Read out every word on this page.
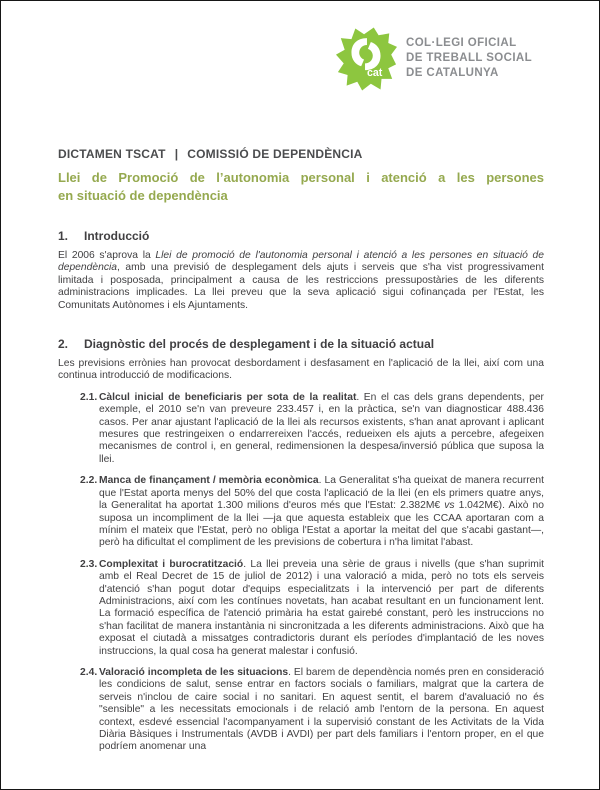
cat
COL·LEGI OFICIAL
DE TREBALL SOCIAL
DE CATALUNYA
DICTAMEN TSCAT | COMISSIÓ DE DEPENDÈNCIA
Llei de Promoció de l’autonomia personal i atenció a les persones
en situació de dependència
1.	Introducció

El 2006 s'aprova la Llei de promoció de l'autonomia personal i atenció a les persones en situació de dependència, amb una previsió de desplegament dels ajuts i serveis que s'ha vist progressivament limitada i posposada, principalment a causa de les restriccions pressupostàries de les diferents administracions implicades. La llei preveu que la seva aplicació sigui cofinançada per l'Estat, les Comunitats Autònomes i els Ajuntaments.

2.	Diagnòstic del procés de desplegament i de la situació actual

Les previsions errònies han provocat desbordament i desfasament en l'aplicació de la llei, així com una continua introducció de modificacions.

2.1. Càlcul inicial de beneficiaris per sota de la realitat. En el cas dels grans dependents, per exemple, el 2010 se'n van preveure 233.457 i, en la pràctica, se'n van diagnosticar 488.436 casos. Per anar ajustant l'aplicació de la llei als recursos existents, s'han anat aprovant i aplicant mesures que restringeixen o endarrereixen l'accés, redueixen els ajuts a percebre, afegeixen mecanismes de control i, en general, redimensionen la despesa/inversió pública que suposa la llei.
2.2. Manca de finançament / memòria econòmica. La Generalitat s'ha queixat de manera recurrent que l'Estat aporta menys del 50% del que costa l'aplicació de la llei (en els primers quatre anys, la Generalitat ha aportat 1.300 milions d'euros més que l'Estat: 2.382M€ vs 1.042M€). Això no suposa un incompliment de la llei —ja que aquesta estableix que les CCAA aportaran com a mínim el mateix que l'Estat, però no obliga l'Estat a aportar la meitat del que s'acabi gastant—, però ha dificultat el compliment de les previsions de cobertura i n'ha limitat l'abast.
2.3. Complexitat i burocratització. La llei preveia una sèrie de graus i nivells (que s'han suprimit amb el Real Decret de 15 de juliol de 2012) i una valoració a mida, però no tots els serveis d'atenció s'han pogut dotar d'equips especialitzats i la intervenció per part de diferents Administracions, així com les contínues novetats, han acabat resultant en un funcionament lent. La formació específica de l'atenció primària ha estat gairebé constant, però les instruccions no s'han facilitat de manera instantània ni sincronitzada a les diferents administracions. Això que ha exposat el ciutadà a missatges contradictoris durant els períodes d'implantació de les noves instruccions, la qual cosa ha generat malestar i confusió.
2.4. Valoració incompleta de les situacions. El barem de dependència només pren en consideració les condicions de salut, sense entrar en factors socials o familiars, malgrat que la cartera de serveis n'inclou de caire social i no sanitari. En aquest sentit, el barem d'avaluació no és "sensible" a les necessitats emocionals i de relació amb l'entorn de la persona. En aquest context, esdevé essencial l'acompanyament i la supervisió constant de les Activitats de la Vida Diària Bàsiques i Instrumentals (AVDB i AVDI) per part dels familiars i l'entorn proper, en el que podríem anomenar una
